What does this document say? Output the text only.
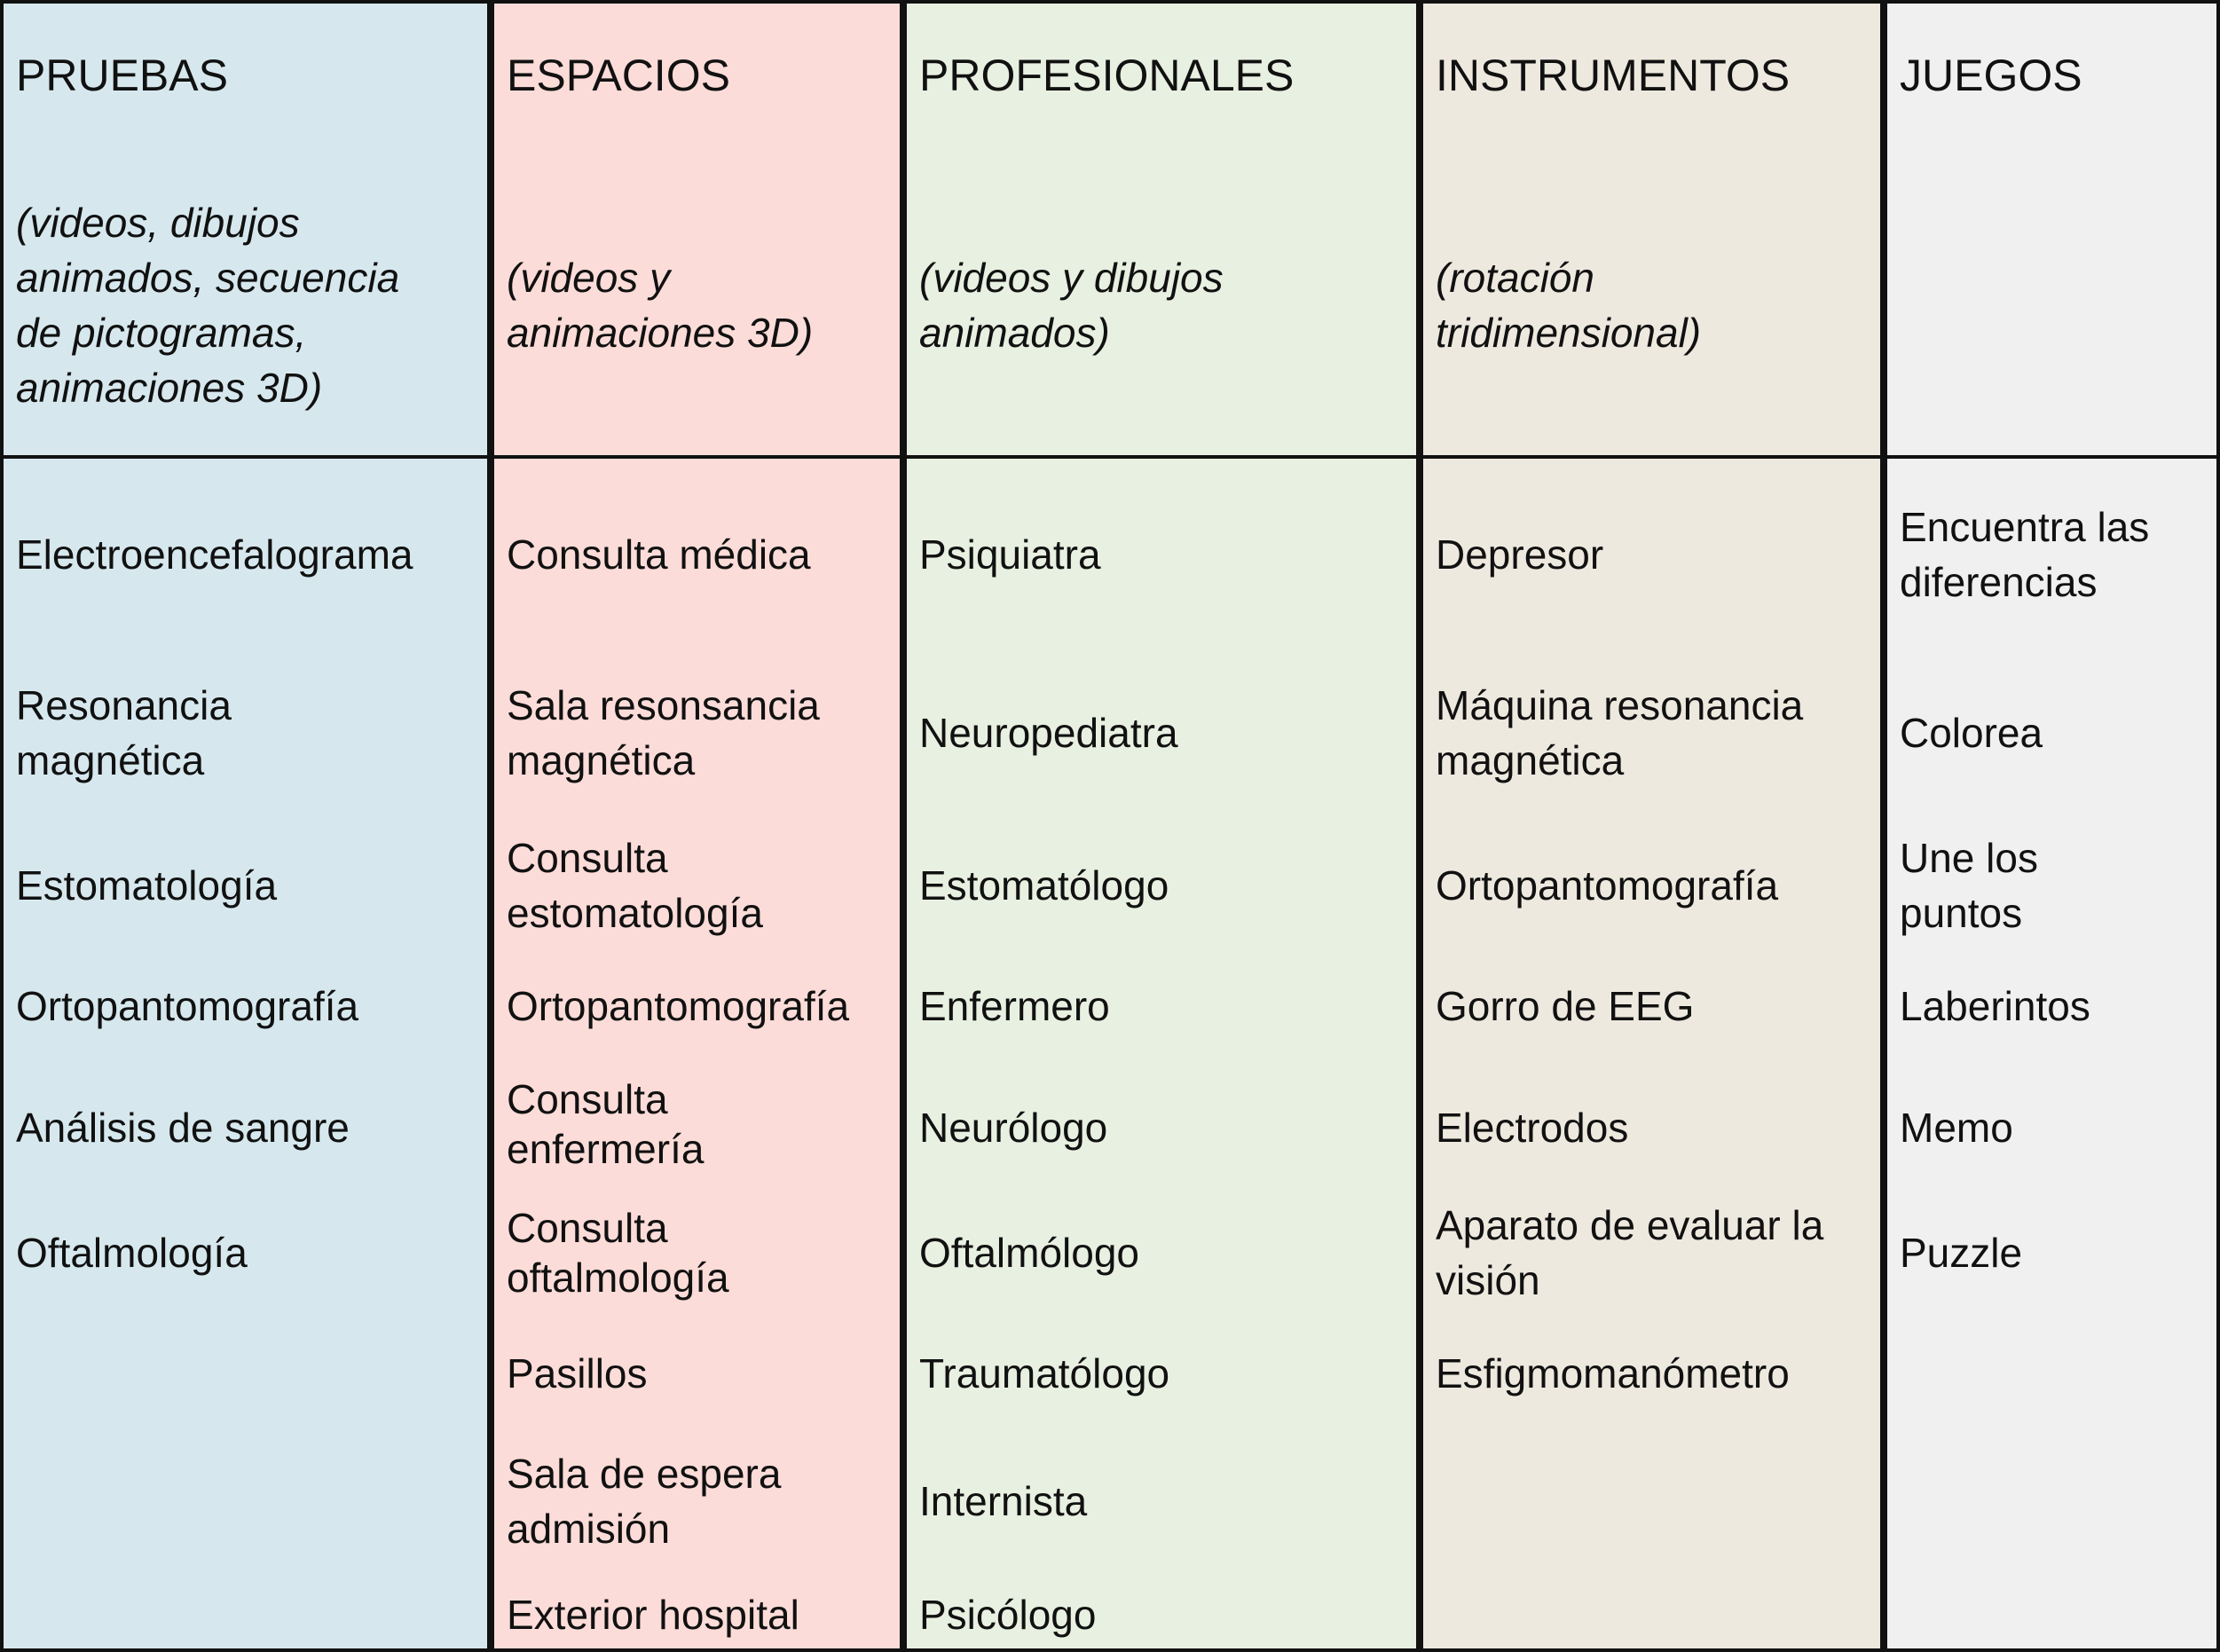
PRUEBAS
(videos, dibujos
animados, secuencia
de pictogramas,
animaciones 3D)
Electroencefalograma
Resonancia
magnética
Estomatología
Ortopantomografía
Análisis de sangre
Oftalmología
ESPACIOS
(videos y
animaciones 3D)
Consulta médica
Sala resonsancia
magnética
Consulta
estomatología
Ortopantomografía
Consulta
enfermería
Consulta
oftalmología
Pasillos
Sala de espera
admisión
Exterior hospital
PROFESIONALES
(videos y dibujos
animados)
Psiquiatra
Neuropediatra
Estomatólogo
Enfermero
Neurólogo
Oftalmólogo
Traumatólogo
Internista
Psicólogo
INSTRUMENTOS
(rotación
tridimensional)
Depresor
Máquina resonancia
magnética
Ortopantomografía
Gorro de EEG
Electrodos
Aparato de evaluar la
visión
Esfigmomanómetro
JUEGOS
Encuentra las
diferencias
Colorea
Une los
puntos
Laberintos
Memo
Puzzle
